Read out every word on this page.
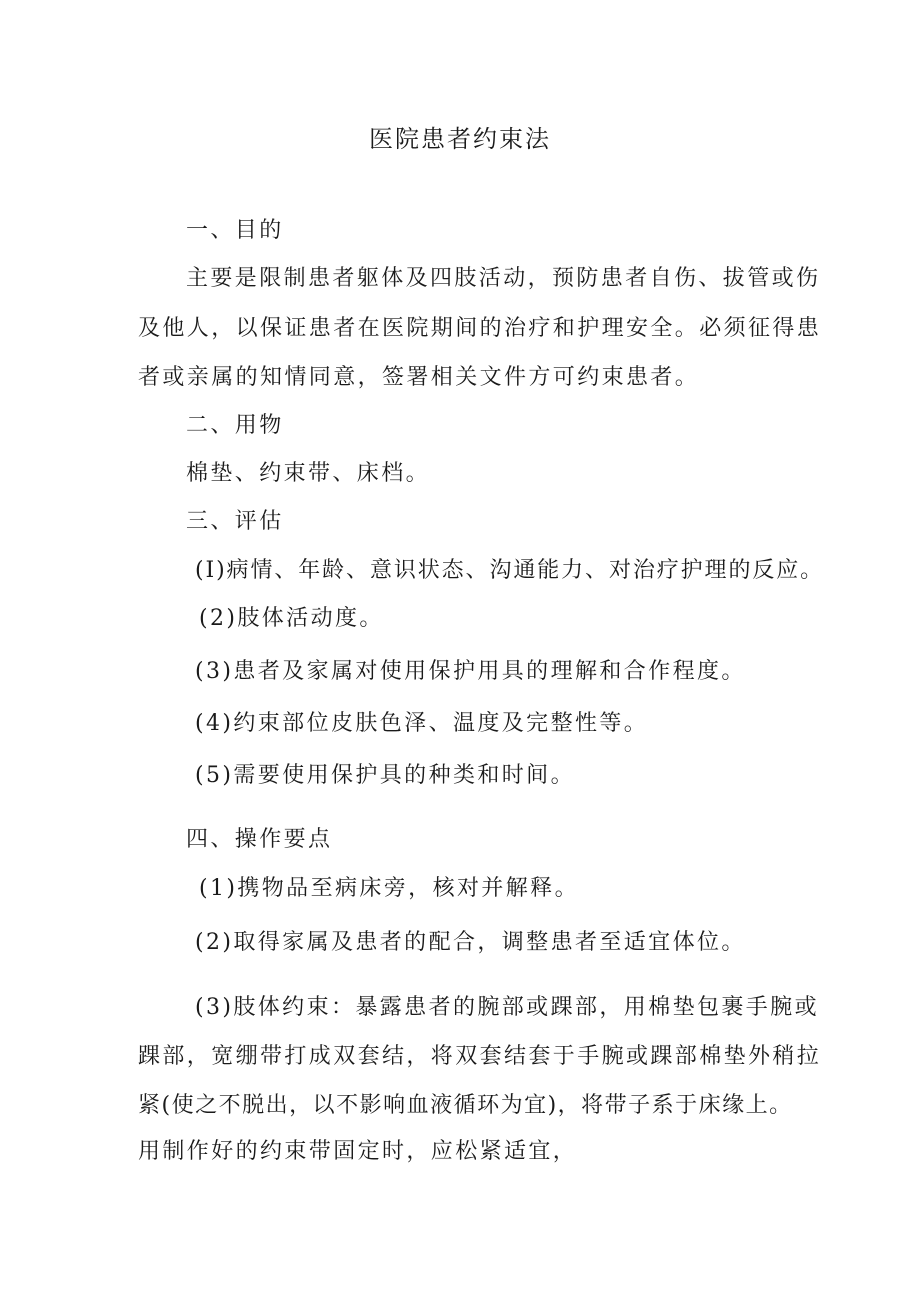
医院患者约束法
一、目的
主要是限制患者躯体及四肢活动，预防患者自伤、拔管或伤
及他人，以保证患者在医院期间的治疗和护理安全。必须征得患
者或亲属的知情同意，签署相关文件方可约束患者。
二、用物
棉垫、约束带、床档。
三、评估
(I)病情、年龄、意识状态、沟通能力、对治疗护理的反应。
(2)肢体活动度。
(3)患者及家属对使用保护用具的理解和合作程度。
(4)约束部位皮肤色泽、温度及完整性等。
(5)需要使用保护具的种类和时间。
四、操作要点
(1)携物品至病床旁，核对并解释。
(2)取得家属及患者的配合，调整患者至适宜体位。
(3)肢体约束：暴露患者的腕部或踝部，用棉垫包裹手腕或
踝部，宽绷带打成双套结，将双套结套于手腕或踝部棉垫外稍拉
紧(使之不脱出，以不影响血液循环为宜)，将带子系于床缘上。
用制作好的约束带固定时，应松紧适宜，
